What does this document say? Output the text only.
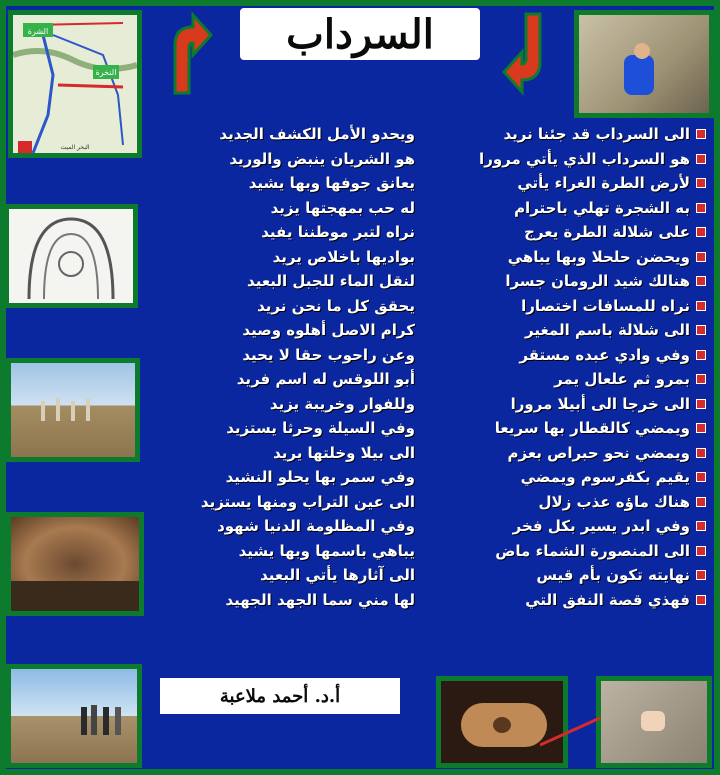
السرداب
الشرة
النخرة
البحر الميت
الى السرداب قد جئنا نريد
هو السرداب الذي يأتي مرورا
لأرض الطرة الغراء يأتي
به الشجرة تهلي باحترام
على شلالة الطرة يعرج
ويحضن حلحلا وبها يباهي
هنالك شيد الرومان جسرا
نراه للمسافات اختصارا
الى شلالة باسم المغير
وفي وادي عبده مستقر
بمرو ثم علعال يمر
الى خرجا الى أبيلا مرورا
ويمضي كالقطار بها سريعا
ويمضي نحو حبراص بعزم
يقيم بكفرسوم ويمضي
هناك ماؤه عذب زلال
وفي ابدر يسير بكل فخر
الى المنصورة الشماء ماض
نهايته تكون بأم قيس
فهذي قصة النفق التي
ويحدو الأمل الكشف الجديد
هو الشريان ينبض والوريد
يعانق جوفها وبها يشيد
له حب بمهجتها يزيد
نراه لتبر موطننا يفيد
بواديها باخلاص يريد
لنقل الماء للجبل البعيد
يحقق كل ما نحن نريد
كرام الاصل أهلوه وصيد
وعن راحوب حقا لا يحيد
أبو اللوقس له اسم فريد
وللفوار وخريبة يزيد
وفي السيلة وحرثا يستزيد
الى بيلا وخلتها يريد
وفي سمر بها يحلو النشيد
الى عين التراب ومنها يستزيد
وفي المظلومة الدنيا شهود
يباهي باسمها وبها يشيد
الى آثارها يأتي البعيد
لها مني سما الجهد الجهيد
أ.د. أحمد ملاعبة
